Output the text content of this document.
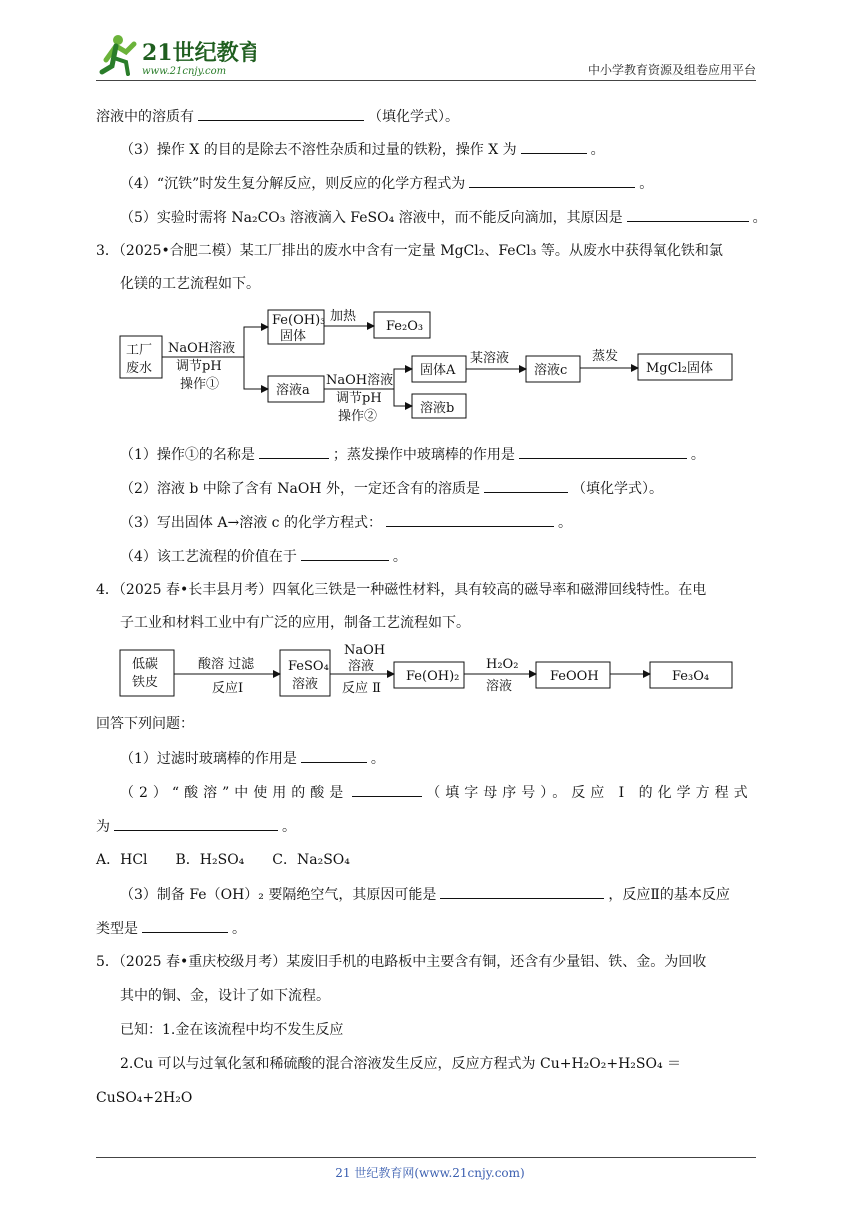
21世纪教育
www.21cnjy.com	中小学教育资源及组卷应用平台
溶液中的溶质有	（填化学式）。
（3）操作 X 的目的是除去不溶性杂质和过量的铁粉，操作 X 为	。
（4）“沉铁”时发生复分解反应，则反应的化学方程式为	。
（5）实验时需将 Na₂CO₃ 溶液滴入 FeSO₄ 溶液中，而不能反向滴加，其原因是	。
3．（2025•合肥二模）某工厂排出的废水中含有一定量 MgCl₂、FeCl₃ 等。从废水中获得氧化铁和氯
化镁的工艺流程如下。
工厂
废水
NaOH溶液
调节pH
操作①
Fe(OH)₃
固体
加热
Fe₂O₃
溶液a
NaOH溶液
调节pH
操作②
固体A
某溶液
溶液c
蒸发
MgCl₂固体
溶液b
（1）操作①的名称是	；蒸发操作中玻璃棒的作用是	。
（2）溶液 b 中除了含有 NaOH 外，一定还含有的溶质是	（填化学式）。
（3）写出固体 A→溶液 c 的化学方程式：	。
（4）该工艺流程的价值在于	。
4．（2025 春•长丰县月考）四氧化三铁是一种磁性材料，具有较高的磁导率和磁滞回线特性。在电
子工业和材料工业中有广泛的应用，制备工艺流程如下。
低碳
铁皮
酸溶 过滤
反应I
FeSO₄
溶液
NaOH
溶液
反应 Ⅱ
Fe(OH)₂
H₂O₂
溶液
FeOOH	Fe₃O₄
回答下列问题：
（1）过滤时玻璃棒的作用是	。
（2）“酸溶”中使用的酸是	（填字母序号）。反应 Ⅰ 的化学方程式
为	。
A．HCl　　B．H₂SO₄　　C．Na₂SO₄
（3）制备 Fe（OH）₂ 要隔绝空气，其原因可能是	，反应Ⅱ的基本反应
类型是	。
5．（2025 春•重庆校级月考）某废旧手机的电路板中主要含有铜，还含有少量铝、铁、金。为回收
其中的铜、金，设计了如下流程。
已知：1.金在该流程中均不发生反应
2.Cu 可以与过氧化氢和稀硫酸的混合溶液发生反应，反应方程式为 Cu+H₂O₂+H₂SO₄ ＝
CuSO₄+2H₂O
21 世纪教育网(www.21cnjy.com)
